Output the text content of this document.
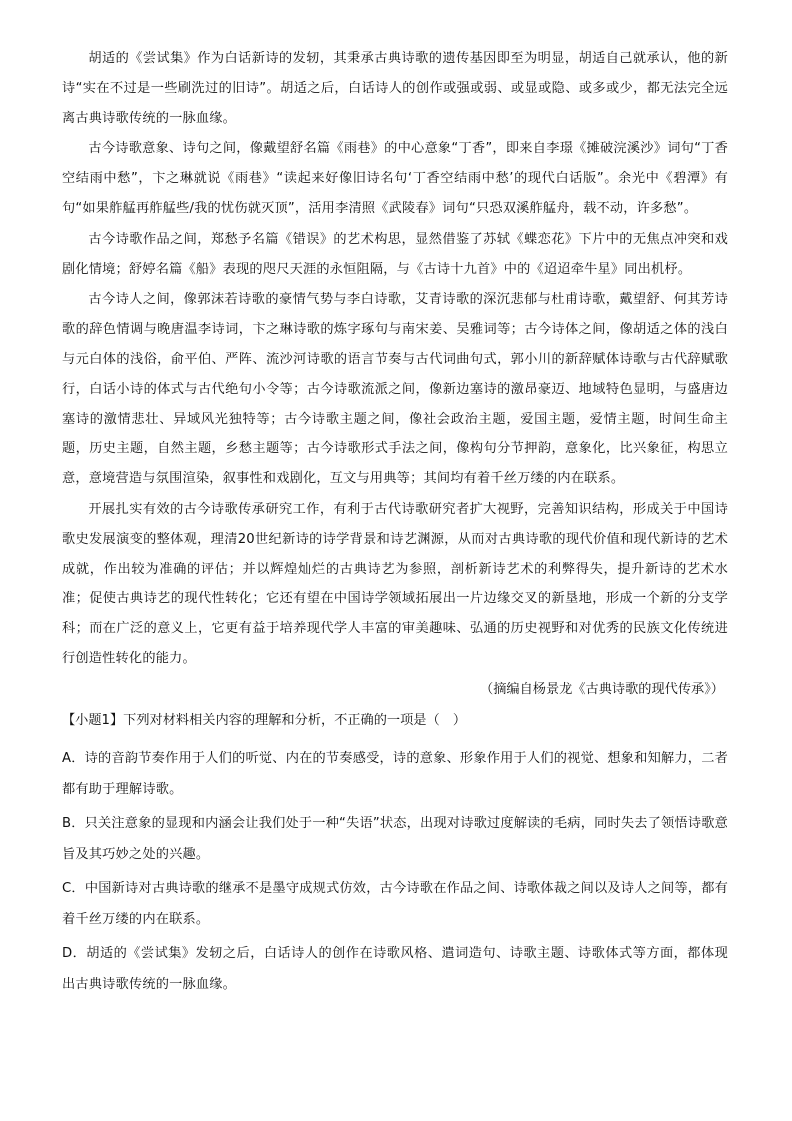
胡适的《尝试集》作为白话新诗的发轫，其秉承古典诗歌的遗传基因即至为明显，胡适自己就承认，他的新诗“实在不过是一些刷洗过的旧诗”。胡适之后，白话诗人的创作或强或弱、或显或隐、或多或少，都无法完全远离古典诗歌传统的一脉血缘。

古今诗歌意象、诗句之间，像戴望舒名篇《雨巷》的中心意象“丁香”，即来自李璟《摊破浣溪沙》词句“丁香空结雨中愁”，卞之琳就说《雨巷》“读起来好像旧诗名句‘丁香空结雨中愁’的现代白话版”。余光中《碧潭》有句“如果舴艋再舴艋些/我的忧伤就灭顶”，活用李清照《武陵春》词句“只恐双溪舴艋舟，载不动，许多愁”。

古今诗歌作品之间，郑愁予名篇《错误》的艺术构思，显然借鉴了苏轼《蝶恋花》下片中的无焦点冲突和戏剧化情境；舒婷名篇《船》表现的咫尺天涯的永恒阻隔，与《古诗十九首》中的《迢迢牵牛星》同出机杼。

古今诗人之间，像郭沫若诗歌的豪情气势与李白诗歌，艾青诗歌的深沉悲郁与杜甫诗歌，戴望舒、何其芳诗歌的辞色情调与晚唐温李诗词，卞之琳诗歌的炼字琢句与南宋姜、吴雅词等；古今诗体之间，像胡适之体的浅白与元白体的浅俗，俞平伯、严阵、流沙河诗歌的语言节奏与古代词曲句式，郭小川的新辞赋体诗歌与古代辞赋歌行，白话小诗的体式与古代绝句小令等；古今诗歌流派之间，像新边塞诗的激昂豪迈、地域特色显明，与盛唐边塞诗的激情悲壮、异域风光独特等；古今诗歌主题之间，像社会政治主题，爱国主题，爱情主题，时间生命主题，历史主题，自然主题，乡愁主题等；古今诗歌形式手法之间，像构句分节押韵，意象化，比兴象征，构思立意，意境营造与氛围渲染，叙事性和戏剧化，互文与用典等；其间均有着千丝万缕的内在联系。

开展扎实有效的古今诗歌传承研究工作，有利于古代诗歌研究者扩大视野，完善知识结构，形成关于中国诗歌史发展演变的整体观，理清20世纪新诗的诗学背景和诗艺渊源，从而对古典诗歌的现代价值和现代新诗的艺术成就，作出较为准确的评估；并以辉煌灿烂的古典诗艺为参照，剖析新诗艺术的利弊得失，提升新诗的艺术水准；促使古典诗艺的现代性转化；它还有望在中国诗学领域拓展出一片边缘交叉的新垦地，形成一个新的分支学科；而在广泛的意义上，它更有益于培养现代学人丰富的审美趣味、弘通的历史视野和对优秀的民族文化传统进行创造性转化的能力。

（摘编自杨景龙《古典诗歌的现代传承》）
【小题1】下列对材料相关内容的理解和分析，不正确的一项是（　）
A．诗的音韵节奏作用于人们的听觉、内在的节奏感受，诗的意象、形象作用于人们的视觉、想象和知解力，二者都有助于理解诗歌。
B．只关注意象的显现和内涵会让我们处于一种“失语”状态，出现对诗歌过度解读的毛病，同时失去了领悟诗歌意旨及其巧妙之处的兴趣。
C．中国新诗对古典诗歌的继承不是墨守成规式仿效，古今诗歌在作品之间、诗歌体裁之间以及诗人之间等，都有着千丝万缕的内在联系。
D．胡适的《尝试集》发轫之后，白话诗人的创作在诗歌风格、遣词造句、诗歌主题、诗歌体式等方面，都体现出古典诗歌传统的一脉血缘。
